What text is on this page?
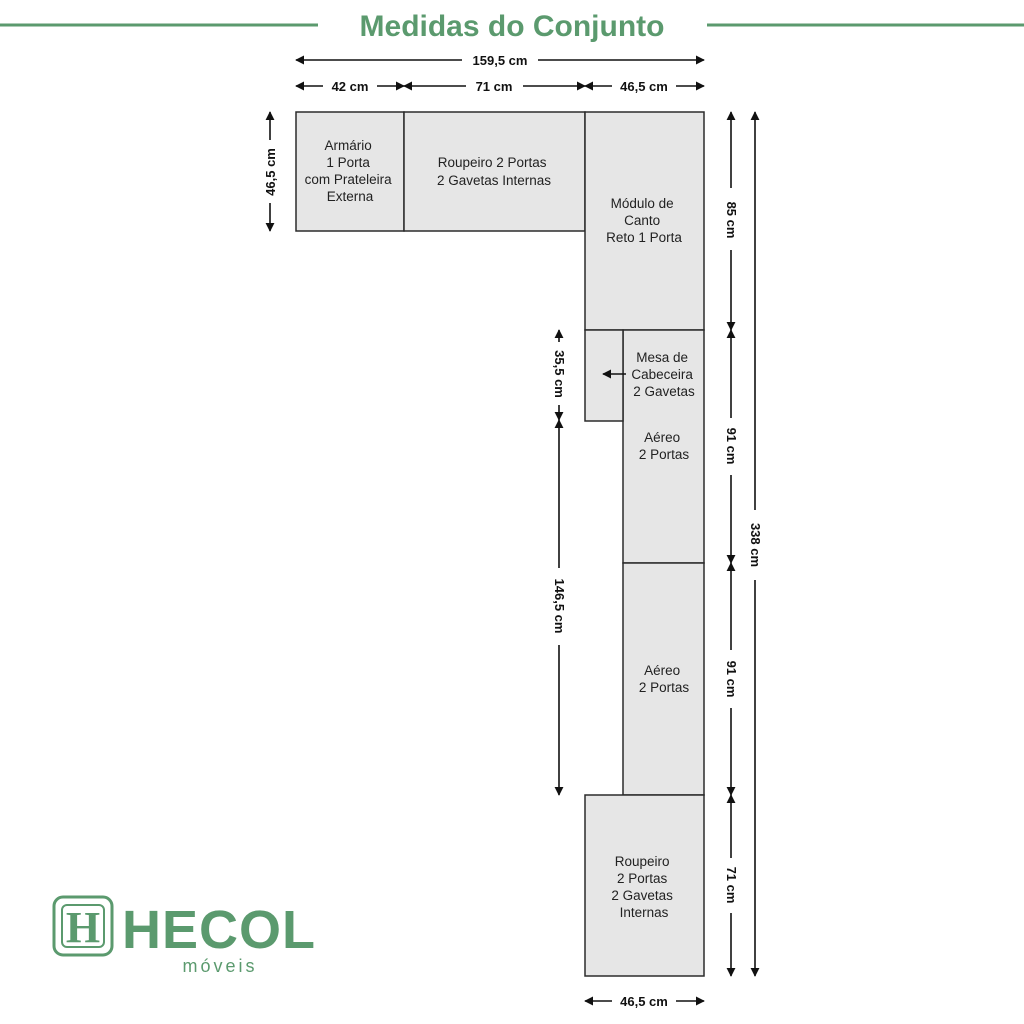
Medidas do Conjunto
Armário 1 Porta com Prateleira Externa
Roupeiro 2 Portas 2 Gavetas Internas
Módulo de Canto Reto 1 Porta
Aéreo 2 Portas
Mesa de Cabeceira 2 Gavetas
Aéreo 2 Portas
Roupeiro 2 Portas 2 Gavetas Internas
159,5 cm
42 cm	71 cm	46,5 cm
46,5 cm
46,5 cm
85 cm
91 cm
91 cm
71 cm
338 cm
35,5 cm
146,5 cm
H HECOL
móveis
